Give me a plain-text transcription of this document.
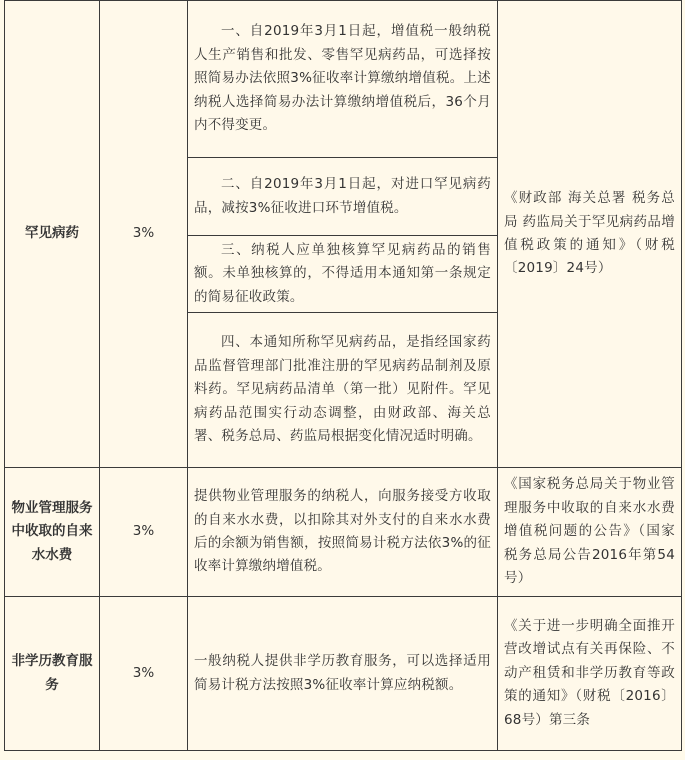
罕见病药	3%	一、自2019年3月1日起，增值税一般纳税人生产销售和批发、零售罕见病药品，可选择按照简易办法依照3%征收率计算缴纳增值税。上述纳税人选择简易办法计算缴纳增值税后，36个月内不得变更。	《财政部 海关总署 税务总局 药监局关于罕见病药品增值税政策的通知》（财税〔2019〕24号）
		二、自2019年3月1日起，对进口罕见病药品，减按3%征收进口环节增值税。	
		三、纳税人应单独核算罕见病药品的销售额。未单独核算的，不得适用本通知第一条规定的简易征收政策。	
		四、本通知所称罕见病药品，是指经国家药品监督管理部门批准注册的罕见病药品制剂及原料药。罕见病药品清单（第一批）见附件。罕见病药品范围实行动态调整，由财政部、海关总署、税务总局、药监局根据变化情况适时明确。	
物业管理服务中收取的自来水水费	3%	提供物业管理服务的纳税人，向服务接受方收取的自来水水费，以扣除其对外支付的自来水水费后的余额为销售额，按照简易计税方法依3%的征收率计算缴纳增值税。	《国家税务总局关于物业管理服务中收取的自来水水费增值税问题的公告》（国家税务总局公告2016年第54号）
非学历教育服务	3%	一般纳税人提供非学历教育服务，可以选择适用简易计税方法按照3%征收率计算应纳税额。	《关于进一步明确全面推开营改增试点有关再保险、不动产租赁和非学历教育等政策的通知》（财税〔2016〕68号）第三条
